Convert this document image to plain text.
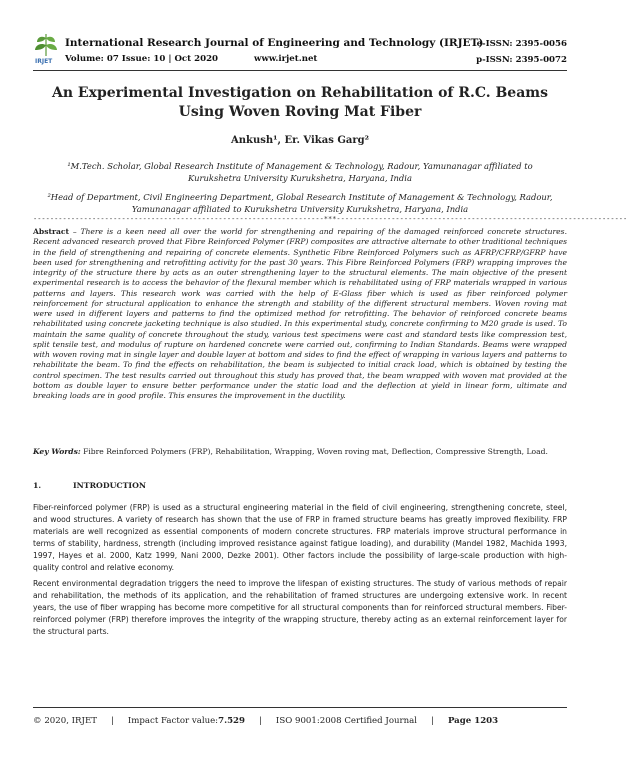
IRJET
International Research Journal of Engineering and Technology (IRJET)
Volume: 07 Issue: 10 | Oct 2020	www.irjet.net
e-ISSN: 2395-0056
p-ISSN: 2395-0072
An Experimental Investigation on Rehabilitation of R.C. Beams Using Woven Roving Mat Fiber
Ankush¹, Er. Vikas Garg²
¹M.Tech. Scholar, Global Research Institute of Management & Technology, Radour, Yamunanagar affiliated to Kurukshetra University Kurukshetra, Haryana, India
²Head of Department, Civil Engineering Department, Global Research Institute of Management & Technology, Radour, Yamunanagar affiliated to Kurukshetra University Kurukshetra, Haryana, India
---------------------------------------------------------------------***---------------------------------------------------------------------
Abstract – There is a keen need all over the world for strengthening and repairing of the damaged reinforced concrete structures. Recent advanced research proved that Fibre Reinforced Polymer (FRP) composites are attractive alternate to other traditional techniques in the field of strengthening and repairing of concrete elements. Synthetic Fibre Reinforced Polymers such as AFRP/CFRP/GFRP have been used for strengthening and retrofitting activity for the past 30 years. This Fibre Reinforced Polymers (FRP) wrapping improves the integrity of the structure there by acts as an outer strengthening layer to the structural elements. The main objective of the present experimental research is to access the behavior of the flexural member which is rehabilitated using of FRP materials wrapped in various patterns and layers. This research work was carried with the help of E-Glass fiber which is used as fiber reinforced polymer reinforcement for structural application to enhance the strength and stability of the different structural members. Woven roving mat were used in different layers and patterns to find the optimized method for retrofitting. The behavior of reinforced concrete beams rehabilitated using concrete jacketing technique is also studied. In this experimental study, concrete confirming to M20 grade is used. To maintain the same quality of concrete throughout the study, various test specimens were cast and standard tests like compression test, split tensile test, and modulus of rupture on hardened concrete were carried out, confirming to Indian Standards. Beams were wrapped with woven roving mat in single layer and double layer at bottom and sides to find the effect of wrapping in various layers and patterns to rehabilitate the beam. To find the effects on rehabilitation, the beam is subjected to initial crack load, which is obtained by testing the control specimen. The test results carried out throughout this study has proved that, the beam wrapped with woven mat provided at the bottom as double layer to ensure better performance under the static load and the deflection at yield in linear form, ultimate and breaking loads are in good profile. This ensures the improvement in the ductility.
Key Words: Fibre Reinforced Polymers (FRP), Rehabilitation, Wrapping, Woven roving mat, Deflection, Compressive Strength, Load.
1.	INTRODUCTION
Fiber-reinforced polymer (FRP) is used as a structural engineering material in the field of civil engineering, strengthening concrete, steel, and wood structures. A variety of research has shown that the use of FRP in framed structure beams has greatly improved flexibility. FRP materials are well recognized as essential components of modern concrete structures. FRP materials improve structural performance in terms of stability, hardness, strength (including improved resistance against fatigue loading), and durability (Mandel 1982, Machida 1993, 1997, Hayes et al. 2000, Katz 1999, Nani 2000, Dezke 2001). Other factors include the possibility of large-scale production with high-quality control and relative economy.
Recent environmental degradation triggers the need to improve the lifespan of existing structures. The study of various methods of repair and rehabilitation, the methods of its application, and the rehabilitation of framed structures are undergoing extensive work. In recent years, the use of fiber wrapping has become more competitive for all structural components than for reinforced structural members. Fiber-reinforced polymer (FRP) therefore improves the integrity of the wrapping structure, thereby acting as an external reinforcement layer for the structural parts.
© 2020, IRJET | Impact Factor value:7.529 | ISO 9001:2008 Certified Journal | Page 1203
